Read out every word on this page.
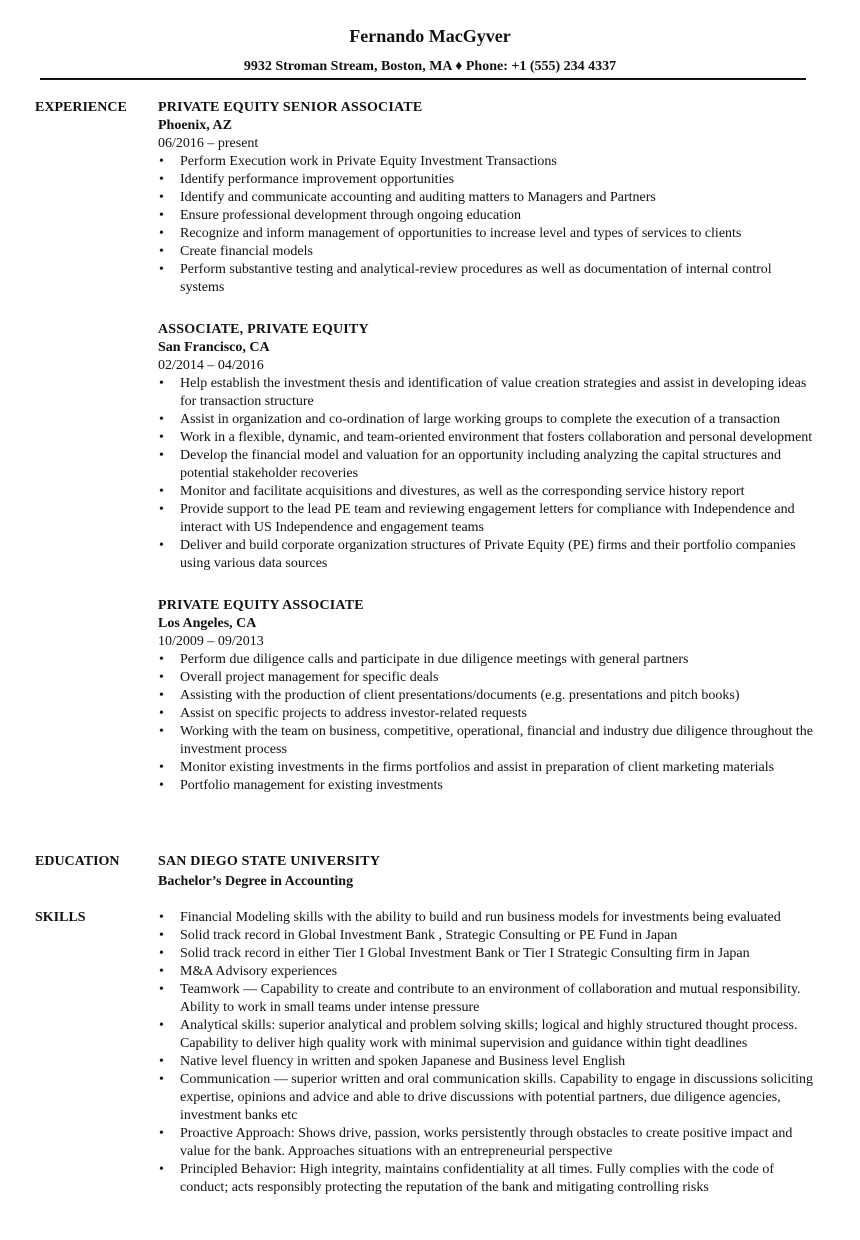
Fernando MacGyver
9932 Stroman Stream, Boston, MA ♦ Phone: +1 (555) 234 4337
EXPERIENCE PRIVATE EQUITY SENIOR ASSOCIATE
Phoenix, AZ
06/2016 – present
• Perform Execution work in Private Equity Investment Transactions
• Identify performance improvement opportunities
• Identify and communicate accounting and auditing matters to Managers and Partners
• Ensure professional development through ongoing education
• Recognize and inform management of opportunities to increase level and types of services to clients
• Create financial models
• Perform substantive testing and analytical-review procedures as well as documentation of internal control systems
ASSOCIATE, PRIVATE EQUITY
San Francisco, CA
02/2014 – 04/2016
• Help establish the investment thesis and identification of value creation strategies and assist in developing ideas for transaction structure
• Assist in organization and co-ordination of large working groups to complete the execution of a transaction
• Work in a flexible, dynamic, and team-oriented environment that fosters collaboration and personal development
• Develop the financial model and valuation for an opportunity including analyzing the capital structures and potential stakeholder recoveries
• Monitor and facilitate acquisitions and divestures, as well as the corresponding service history report
• Provide support to the lead PE team and reviewing engagement letters for compliance with Independence and interact with US Independence and engagement teams
• Deliver and build corporate organization structures of Private Equity (PE) firms and their portfolio companies using various data sources
PRIVATE EQUITY ASSOCIATE
Los Angeles, CA
10/2009 – 09/2013
• Perform due diligence calls and participate in due diligence meetings with general partners
• Overall project management for specific deals
• Assisting with the production of client presentations/documents (e.g. presentations and pitch books)
• Assist on specific projects to address investor-related requests
• Working with the team on business, competitive, operational, financial and industry due diligence throughout the investment process
• Monitor existing investments in the firms portfolios and assist in preparation of client marketing materials
• Portfolio management for existing investments
EDUCATION	SAN DIEGO STATE UNIVERSITY
Bachelor’s Degree in Accounting
SKILLS
•	Financial Modeling skills with the ability to build and run business models for investments being evaluated
• Solid track record in Global Investment Bank , Strategic Consulting or PE Fund in Japan
• Solid track record in either Tier I Global Investment Bank or Tier I Strategic Consulting firm in Japan
• M&A Advisory experiences
• Teamwork — Capability to create and contribute to an environment of collaboration and mutual responsibility. Ability to work in small teams under intense pressure
• Analytical skills: superior analytical and problem solving skills; logical and highly structured thought process. Capability to deliver high quality work with minimal supervision and guidance within tight deadlines
• Native level fluency in written and spoken Japanese and Business level English
• Communication — superior written and oral communication skills. Capability to engage in discussions soliciting expertise, opinions and advice and able to drive discussions with potential partners, due diligence agencies, investment banks etc
• Proactive Approach: Shows drive, passion, works persistently through obstacles to create positive impact and value for the bank. Approaches situations with an entrepreneurial perspective
• Principled Behavior: High integrity, maintains confidentiality at all times. Fully complies with the code of conduct; acts responsibly protecting the reputation of the bank and mitigating controlling risks
